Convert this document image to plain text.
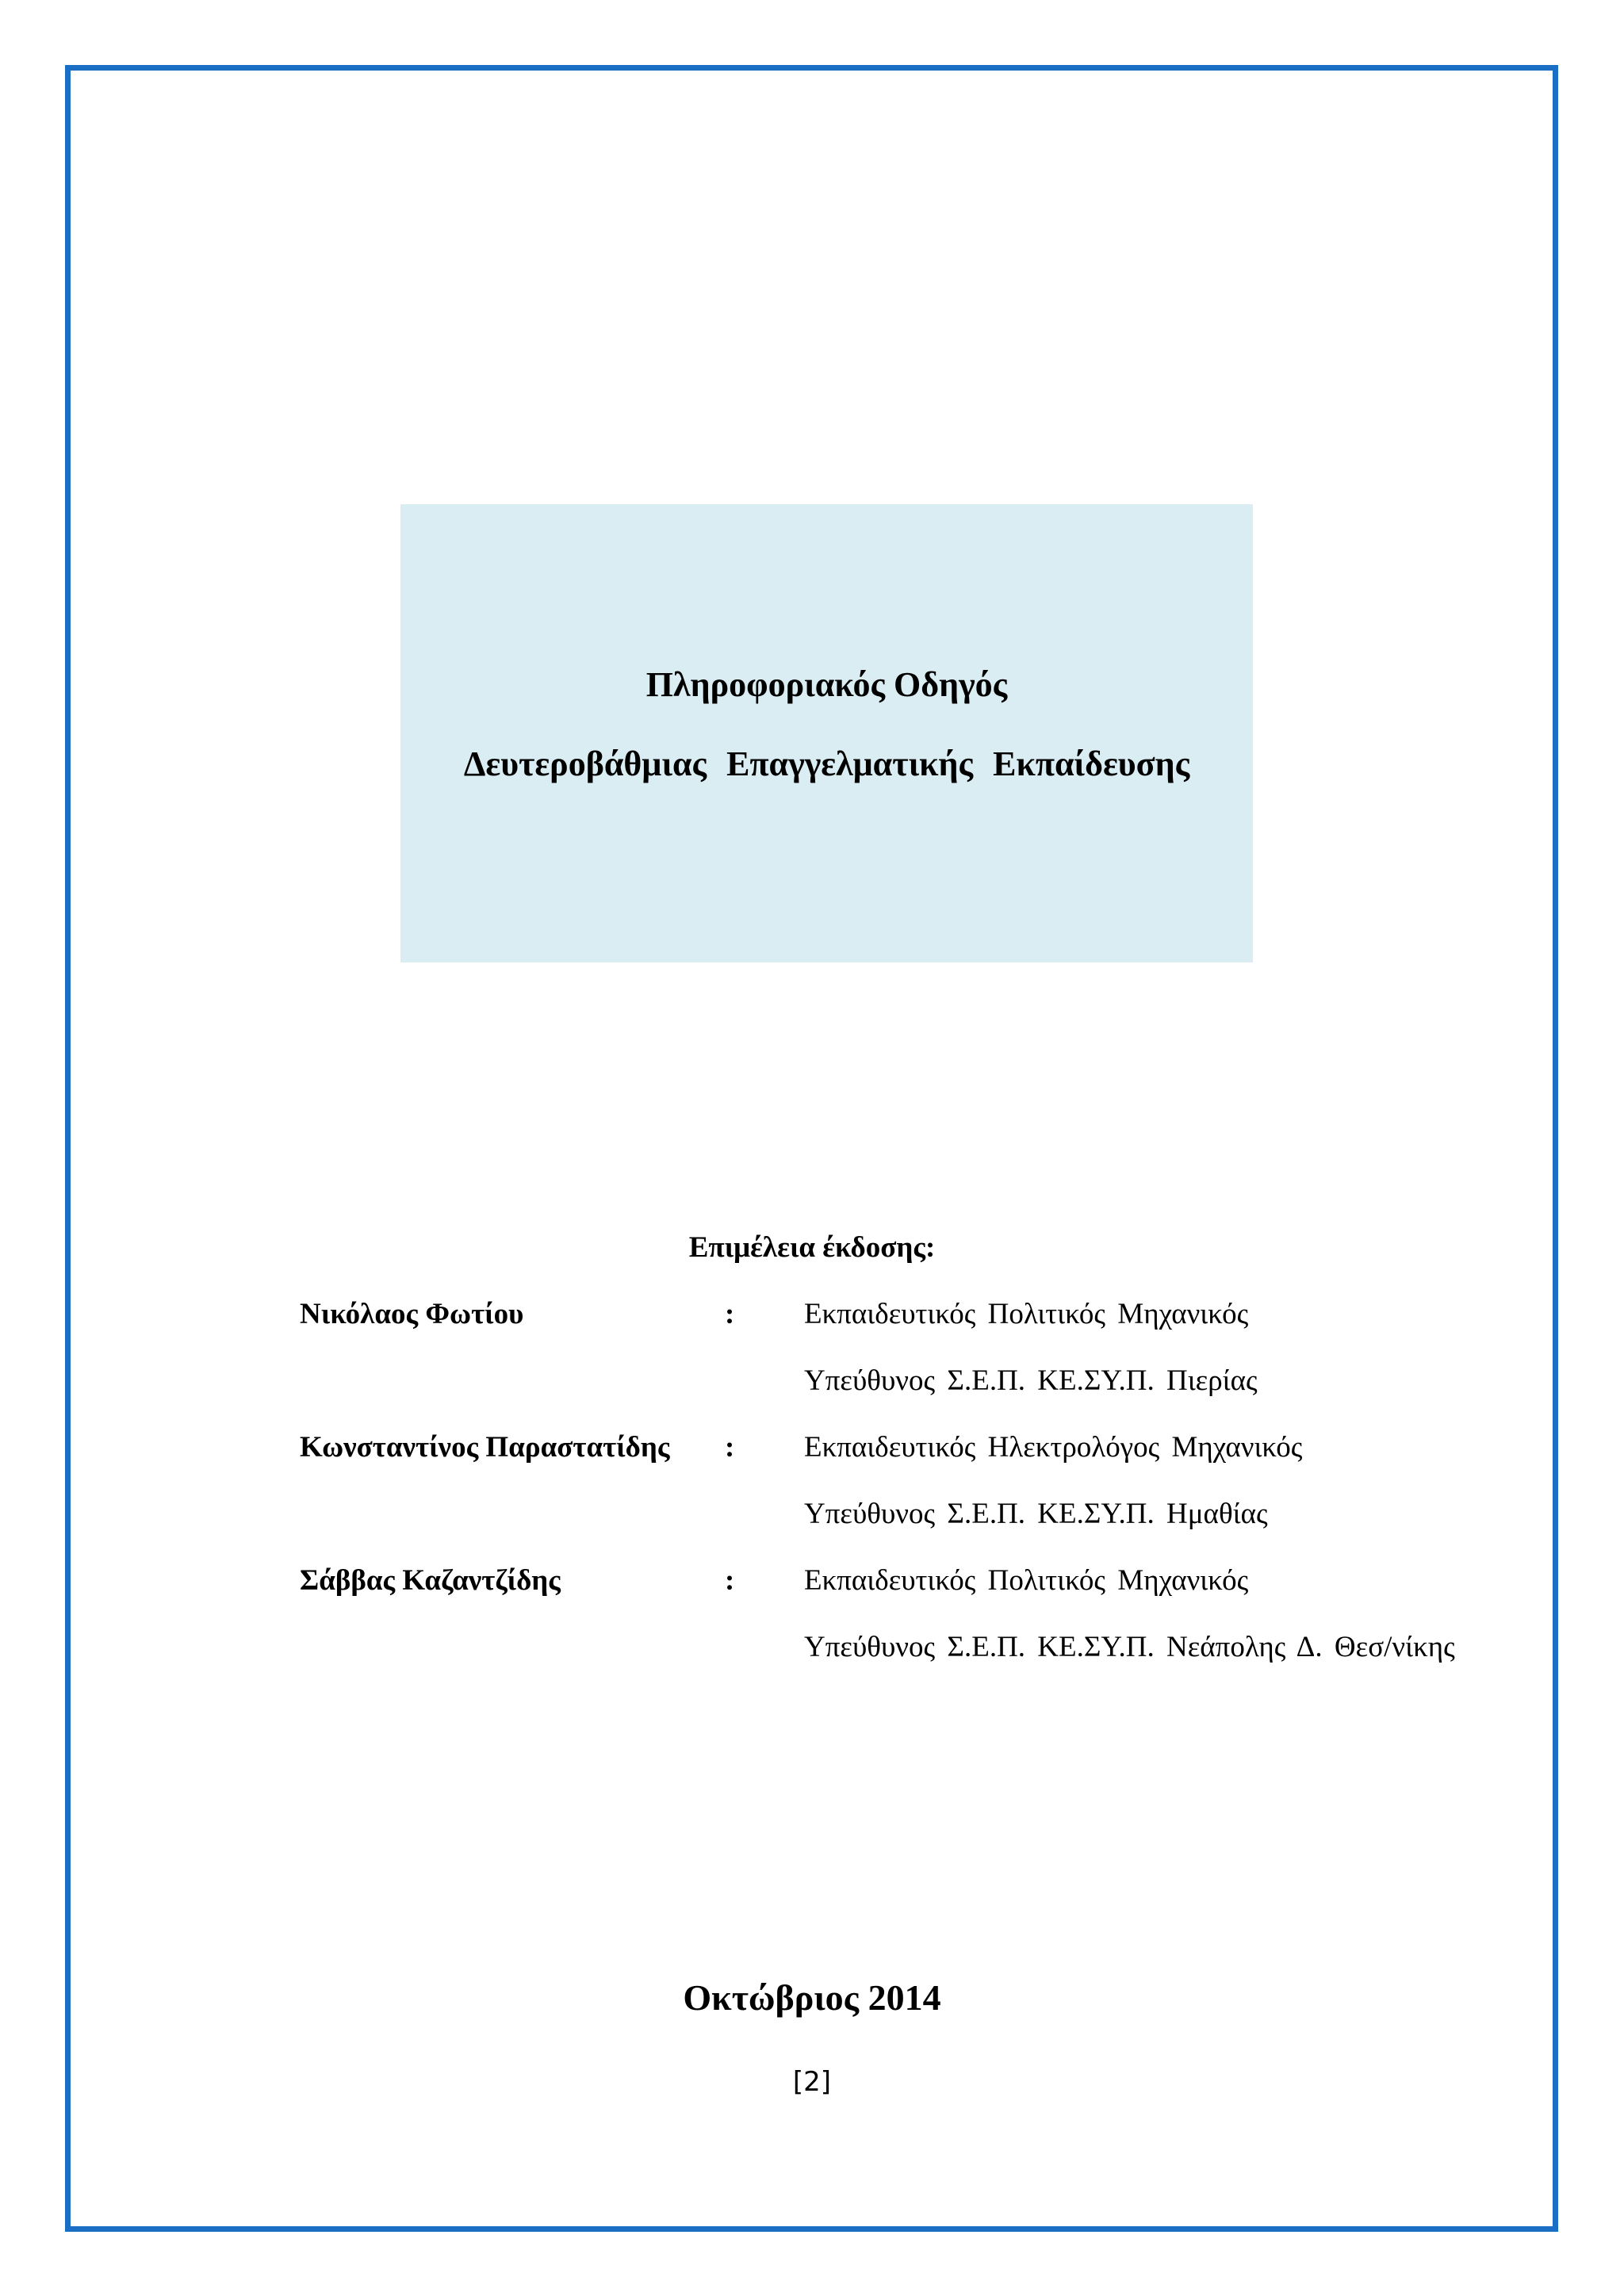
Πληροφοριακός Οδηγός
Δευτεροβάθμιας Επαγγελματικής Εκπαίδευσης
Επιμέλεια έκδοσης:
Νικόλαος Φωτίου	: Εκπαιδευτικός Πολιτικός Μηχανικός
Υπεύθυνος Σ.Ε.Π. ΚΕ.ΣΥ.Π. Πιερίας
Κωνσταντίνος Παραστατίδης : Εκπαιδευτικός Ηλεκτρολόγος Μηχανικός
Υπεύθυνος Σ.Ε.Π. ΚΕ.ΣΥ.Π. Ημαθίας
Σάββας Καζαντζίδης	: Εκπαιδευτικός Πολιτικός Μηχανικός
Υπεύθυνος Σ.Ε.Π. ΚΕ.ΣΥ.Π. Νεάπολης Δ. Θεσ/νίκης
Οκτώβριος 2014
[2]
